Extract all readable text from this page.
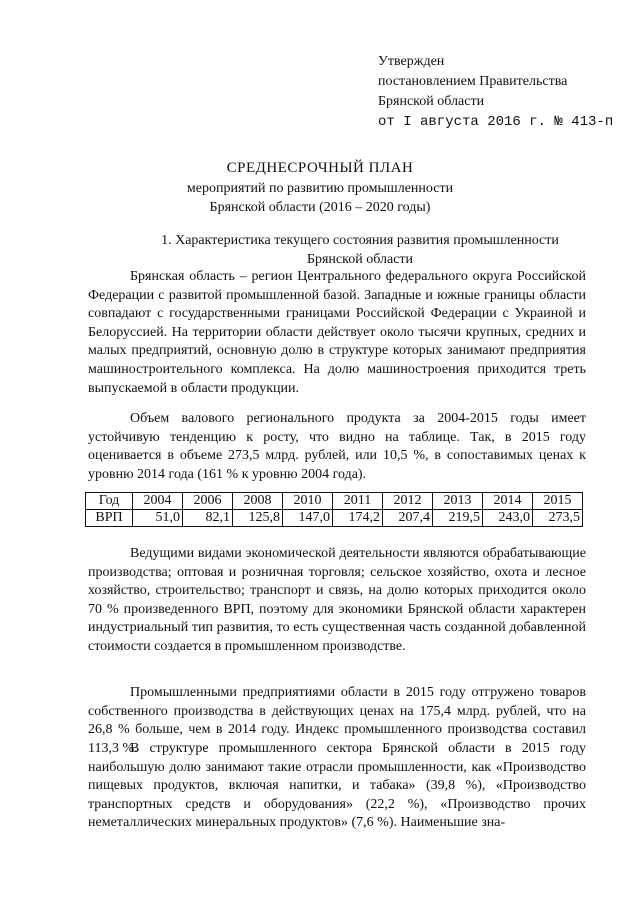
Утвержден
постановлением Правительства
Брянской области
от I августа 2016 г. № 413-п
СРЕДНЕСРОЧНЫЙ ПЛАН
мероприятий по развитию промышленности
Брянской области (2016 – 2020 годы)
1. Характеристика текущего состояния развития промышленности
Брянской области

Брянская область – регион Центрального федерального округа Российской Федерации с развитой промышленной базой. Западные и южные границы области совпадают с государственными границами Российской Федерации с Украиной и Белоруссией. На территории области действует около тысячи крупных, средних и малых предприятий, основную долю в структуре которых занимают предприятия машиностроительного комплекса. На долю машиностроения приходится треть выпускаемой в области продукции.

Объем валового регионального продукта за 2004-2015 годы имеет устойчивую тенденцию к росту, что видно на таблице. Так, в 2015 году оценивается в объеме 273,5 млрд. рублей, или 10,5 %, в сопоставимых ценах к уровню 2014 года (161 % к уровню 2004 года).

Год	2004	2006	2008	2010	2011	2012	2013	2014	2015
ВРП	51,0	82,1	125,8	147,0	174,2	207,4	219,5	243,0	273,5

Ведущими видами экономической деятельности являются обрабатывающие производства; оптовая и розничная торговля; сельское хозяйство, охота и лесное хозяйство, строительство; транспорт и связь, на долю которых приходится около 70 % произведенного ВРП, поэтому для экономики Брянской области характерен индустриальный тип развития, то есть существенная часть созданной добавленной стоимости создается в промышленном производстве.

Промышленными предприятиями области в 2015 году отгружено товаров собственного производства в действующих ценах на 175,4 млрд. рублей, что на 26,8 % больше, чем в 2014 году. Индекс промышленного производства составил 113,3 %.

В структуре промышленного сектора Брянской области в 2015 году наибольшую долю занимают такие отрасли промышленности, как «Производство пищевых продуктов, включая напитки, и табака» (39,8 %), «Производство транспортных средств и оборудования» (22,2 %), «Производство прочих неметаллических минеральных продуктов» (7,6 %). Наименьшие зна-
